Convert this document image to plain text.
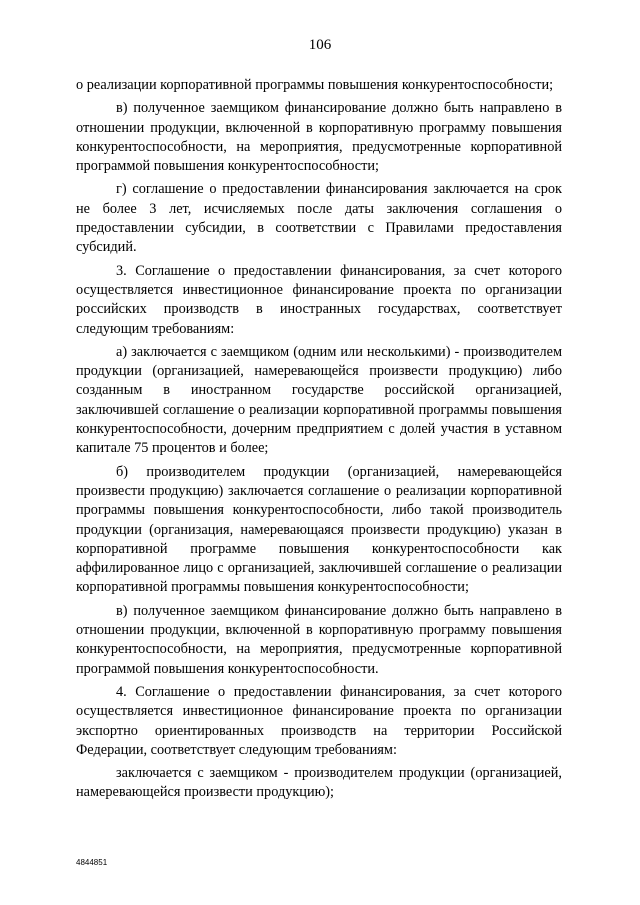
106

о реализации корпоративной программы повышения конкурентоспособности;

в) полученное заемщиком финансирование должно быть направлено в отношении продукции, включенной в корпоративную программу повышения конкурентоспособности, на мероприятия, предусмотренные корпоративной программой повышения конкурентоспособности;

г) соглашение о предоставлении финансирования заключается на срок не более 3 лет, исчисляемых после даты заключения соглашения о предоставлении субсидии, в соответствии с Правилами предоставления субсидий.

3. Соглашение о предоставлении финансирования, за счет которого осуществляется инвестиционное финансирование проекта по организации российских производств в иностранных государствах, соответствует следующим требованиям:

а) заключается с заемщиком (одним или несколькими) - производителем продукции (организацией, намеревающейся произвести продукцию) либо созданным в иностранном государстве российской организацией, заключившей соглашение о реализации корпоративной программы повышения конкурентоспособности, дочерним предприятием с долей участия в уставном капитале 75 процентов и более;

б) производителем продукции (организацией, намеревающейся произвести продукцию) заключается соглашение о реализации корпоративной программы повышения конкурентоспособности, либо такой производитель продукции (организация, намеревающаяся произвести продукцию) указан в корпоративной программе повышения конкурентоспособности как аффилированное лицо с организацией, заключившей соглашение о реализации корпоративной программы повышения конкурентоспособности;

в) полученное заемщиком финансирование должно быть направлено в отношении продукции, включенной в корпоративную программу повышения конкурентоспособности, на мероприятия, предусмотренные корпоративной программой повышения конкурентоспособности.

4. Соглашение о предоставлении финансирования, за счет которого осуществляется инвестиционное финансирование проекта по организации экспортно ориентированных производств на территории Российской Федерации, соответствует следующим требованиям:

заключается с заемщиком - производителем продукции (организацией, намеревающейся произвести продукцию);

4844851
